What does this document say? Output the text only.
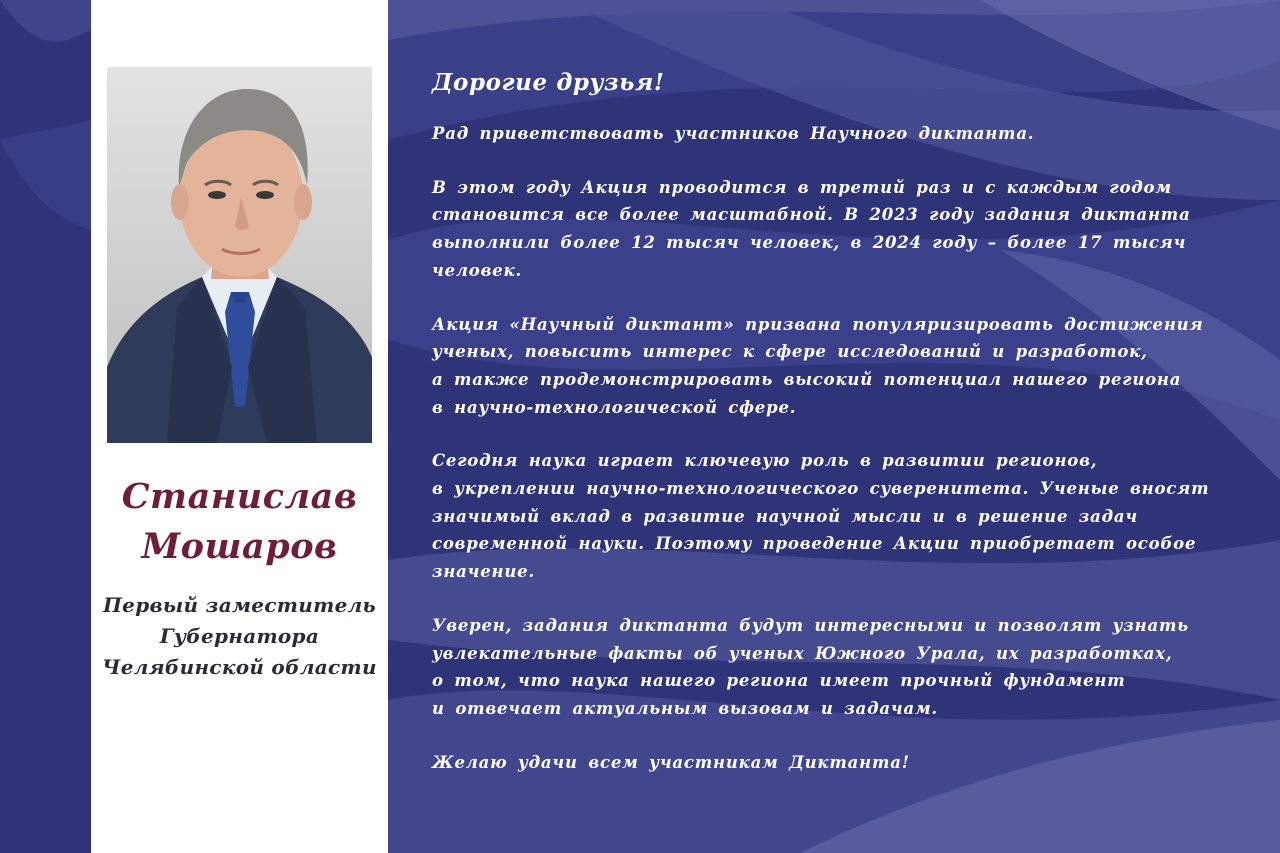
Станислав
Мошаров
Первый заместитель
Губернатора
Челябинской области
Дорогие друзья!
Рад приветствовать участников Научного диктанта.
В этом году Акция проводится в третий раз и с каждым годом
становится все более масштабной. В 2023 году задания диктанта
выполнили более 12 тысяч человек, в 2024 году – более 17 тысяч
человек.
Акция «Научный диктант» призвана популяризировать достижения
ученых, повысить интерес к сфере исследований и разработок,
а также продемонстрировать высокий потенциал нашего региона
в научно-технологической сфере.
Сегодня наука играет ключевую роль в развитии регионов,
в укреплении научно-технологического суверенитета. Ученые вносят
значимый вклад в развитие научной мысли и в решение задач
современной науки. Поэтому проведение Акции приобретает особое
значение.
Уверен, задания диктанта будут интересными и позволят узнать
увлекательные факты об ученых Южного Урала, их разработках,
о том, что наука нашего региона имеет прочный фундамент
и отвечает актуальным вызовам и задачам.
Желаю удачи всем участникам Диктанта!
